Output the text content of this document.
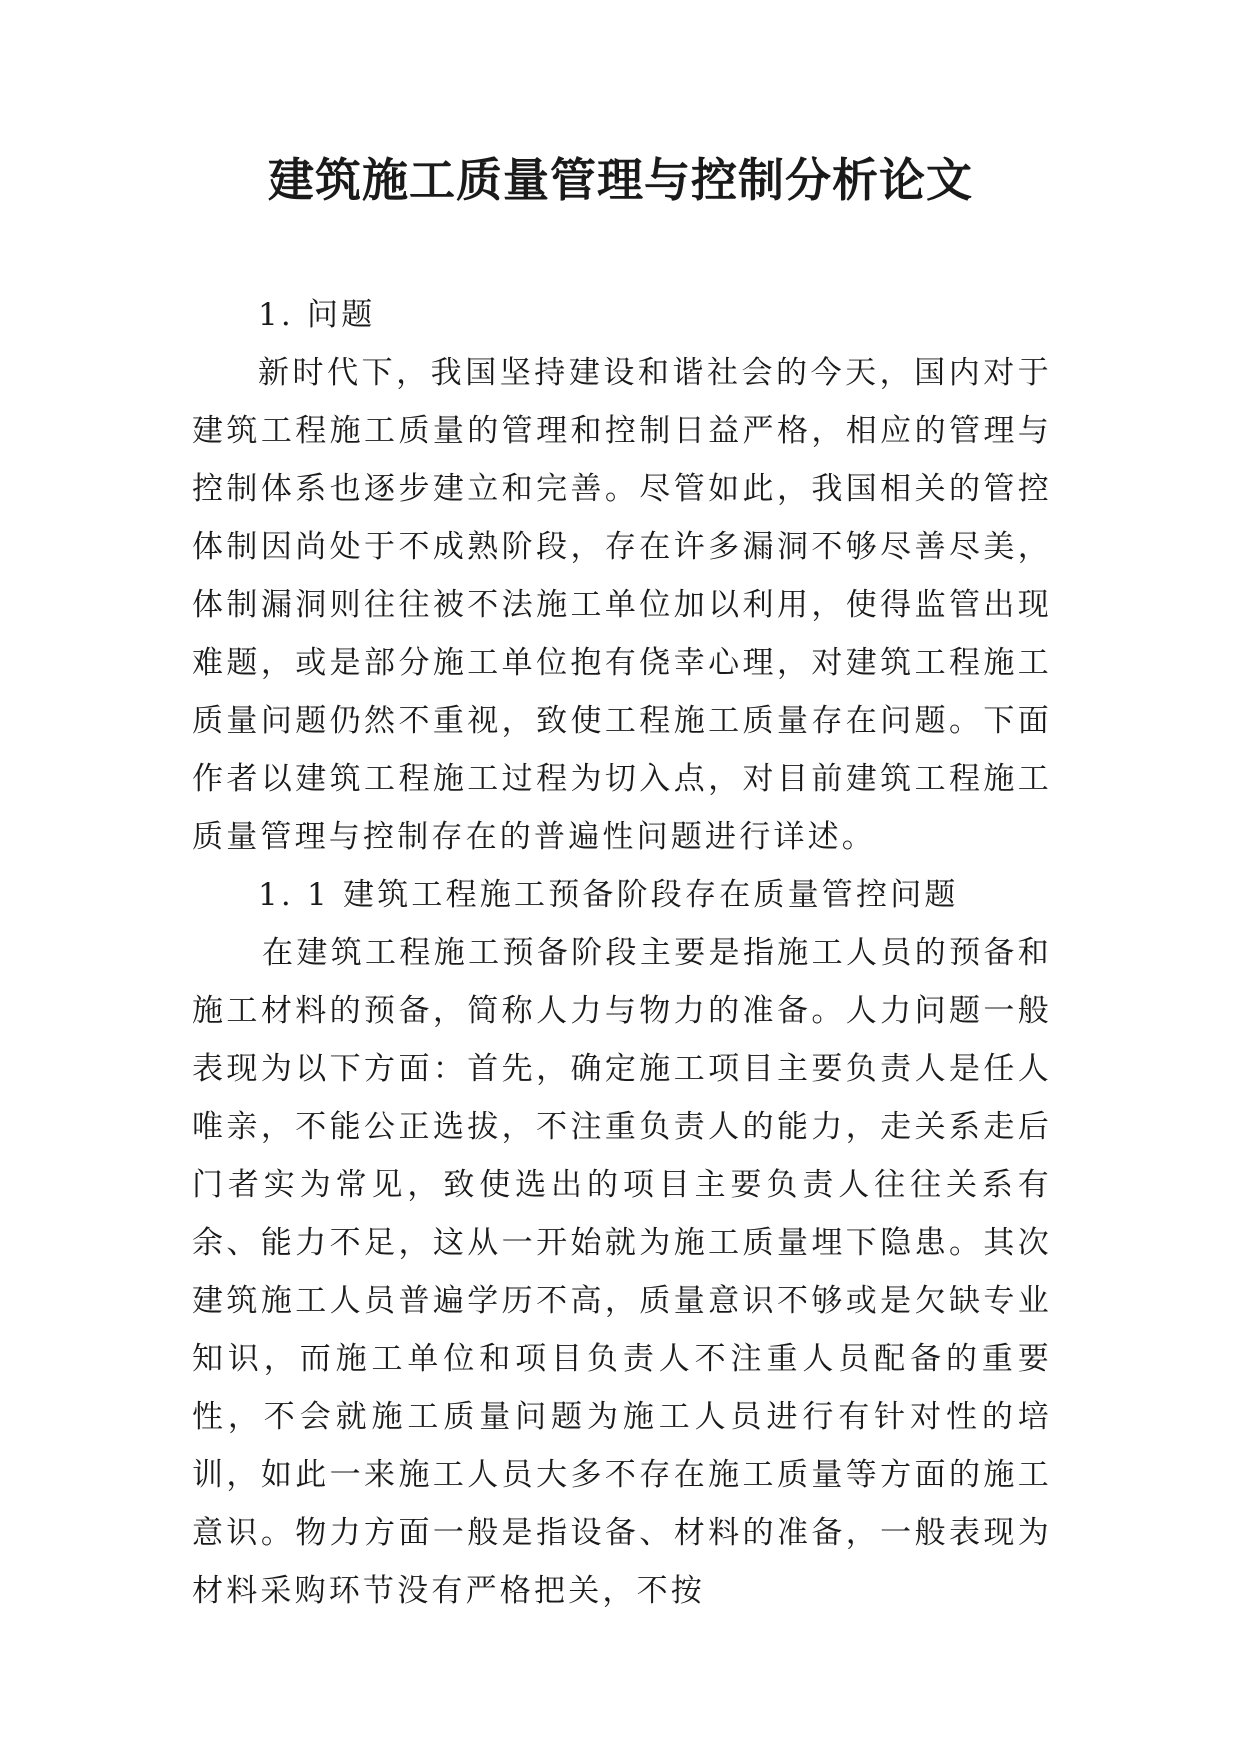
建筑施工质量管理与控制分析论文

1. 问题

新时代下，我国坚持建设和谐社会的今天，国内对于建筑工程施工质量的管理和控制日益严格，相应的管理与控制体系也逐步建立和完善。尽管如此，我国相关的管控体制因尚处于不成熟阶段，存在许多漏洞不够尽善尽美，体制漏洞则往往被不法施工单位加以利用，使得监管出现难题，或是部分施工单位抱有侥幸心理，对建筑工程施工质量问题仍然不重视，致使工程施工质量存在问题。下面作者以建筑工程施工过程为切入点，对目前建筑工程施工质量管理与控制存在的普遍性问题进行详述。

1. 1 建筑工程施工预备阶段存在质量管控问题

在建筑工程施工预备阶段主要是指施工人员的预备和施工材料的预备，简称人力与物力的准备。人力问题一般表现为以下方面：首先，确定施工项目主要负责人是任人唯亲，不能公正选拔，不注重负责人的能力，走关系走后门者实为常见，致使选出的项目主要负责人往往关系有余、能力不足，这从一开始就为施工质量埋下隐患。其次建筑施工人员普遍学历不高，质量意识不够或是欠缺专业知识，而施工单位和项目负责人不注重人员配备的重要性，不会就施工质量问题为施工人员进行有针对性的培训，如此一来施工人员大多不存在施工质量等方面的施工意识。物力方面一般是指设备、材料的准备，一般表现为材料采购环节没有严格把关，不按
